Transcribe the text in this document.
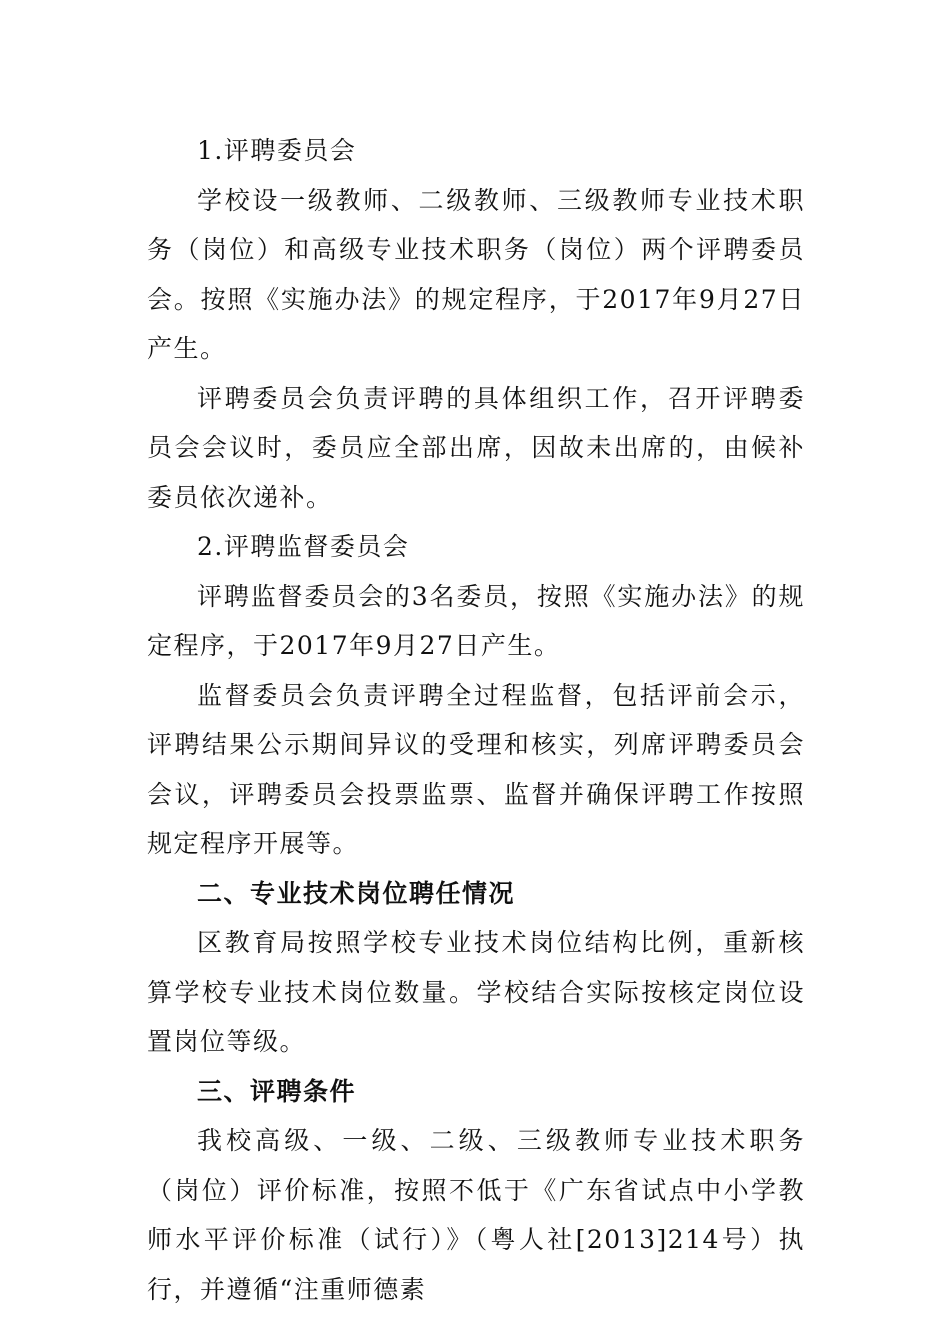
1.评聘委员会

学校设一级教师、二级教师、三级教师专业技术职务（岗位）和高级专业技术职务（岗位）两个评聘委员会。按照《实施办法》的规定程序，于2017年9月27日产生。

评聘委员会负责评聘的具体组织工作，召开评聘委员会会议时，委员应全部出席，因故未出席的，由候补委员依次递补。

2.评聘监督委员会

评聘监督委员会的3名委员，按照《实施办法》的规定程序，于2017年9月27日产生。

监督委员会负责评聘全过程监督，包括评前会示，评聘结果公示期间异议的受理和核实，列席评聘委员会会议，评聘委员会投票监票、监督并确保评聘工作按照规定程序开展等。

二、专业技术岗位聘任情况

区教育局按照学校专业技术岗位结构比例，重新核算学校专业技术岗位数量。学校结合实际按核定岗位设置岗位等级。

三、评聘条件

我校高级、一级、二级、三级教师专业技术职务（岗位）评价标准，按照不低于《广东省试点中小学教师水平评价标准（试行）》（粤人社[2013]214号）执行，并遵循“注重师德素
